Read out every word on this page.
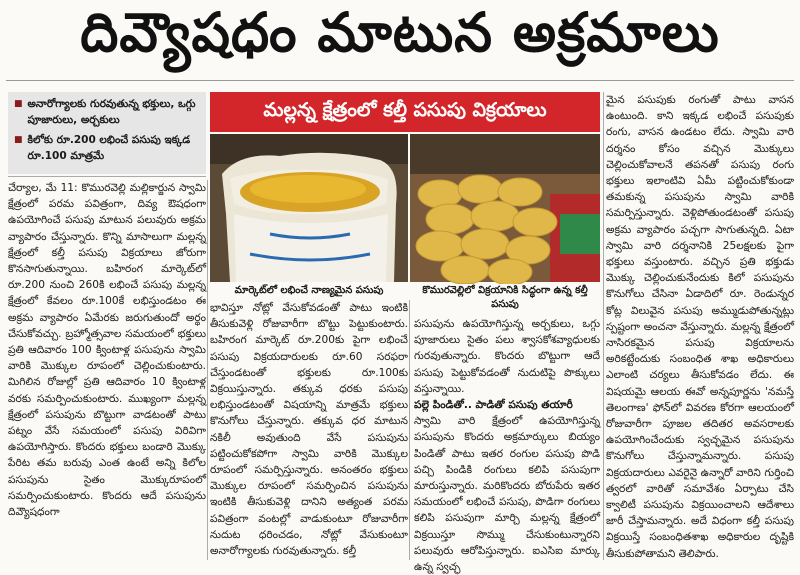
దివ్యౌషధం మాటున అక్రమాలు
■ అనారోగ్యాలకు గురవుతున్న భక్తులు, ఒగ్గు పూజారులు, అర్చకులు
■ కిలోకు రూ.200 లభించే పసుపు ఇక్కడ రూ.100 మాత్రమే
మల్లన్న క్షేత్రంలో కల్తీ పసుపు విక్రయాలు
మార్కెట్‌లో లభించే నాణ్యమైన పసుపు	కొమురవెల్లిలో విక్రయానికి సిద్ధంగా ఉన్న కల్తీ పసుపు

చేర్యాల, మే 11: కొమురవెల్లి మల్లికార్జున స్వామి క్షేత్రంలో పరమ పవిత్రంగా, దివ్య ఔషధంగా ఉపయోగించే పసుపు మాటున పలువురు అక్రమ వ్యాపారం చేస్తున్నారు. కొన్ని మాసాలుగా మల్లన్న క్షేత్రంలో కల్తీ పసుపు విక్రయాలు జోరుగా కొనసాగుతున్నాయి. బహిరంగ మార్కెట్‌లో రూ.200 నుంచి 260కి లభించే పసుపు మల్లన్న క్షేత్రంలో కేవలం రూ.100కే లభిస్తుండటం ఈ అక్రమ వ్యాపారం ఏమేరకు జరుగుతుందో అర్థం చేసుకోవచ్చు. బ్రహ్మోత్సవాల సమయంలో భక్తులు ప్రతి ఆదివారం 100 క్వింటాళ్ల పసుపును స్వామి వారికి మొక్కుల రూపంలో చెల్లించుకుంటారు. మిగిలిన రోజుల్లో ప్రతి ఆదివారం 10 క్వింటాళ్ల వరకు సమర్పించుకుంటారు. ముఖ్యంగా మల్లన్న క్షేత్రంలో పసుపును బొట్టుగా వాడటంతో పాటు పట్నం వేసే సమయంలో పసుపు విరివిగా ఉపయోగిస్తారు. కొందరు భక్తులు బండారి మొక్కు పేరిట తమ బరువు ఎంత ఉంటే అన్ని కిలోల పసుపును సైతం మొక్కురూపంలో సమర్పించుకుంటారు. కొందరు ఆదే పసుపును దివ్యౌషధంగా

భావిస్తూ నోట్లో వేసుకోవడంతో పాటు ఇంటికి తీసుకువెళ్లి రోజువారీగా బొట్టు పెట్టుకుంటారు. బహిరంగ మార్కెట్ రూ.200కు పైగా లభించే పసుపు విక్రయదారులకు రూ.60 సరఫరా చేస్తుండటంతో భక్తులకు రూ.100కు విక్రయిస్తున్నారు. తక్కువ ధరకు పసుపు లభిస్తుండటంతో విషయాన్ని మాత్రమే భక్తులు కొనుగోలు చేస్తున్నారు. తక్కువ ధర మాటున నకిలీ అవుతుంది వేసే పసుపును పట్టించుకోకపోగా స్వామి వారికి మొక్కుల రూపంలో సమర్పిస్తున్నారు. అనంతరం భక్తులు మొక్కుల రూపంలో సమర్పించిన పసుపును ఇంటికి తీసుకువెళ్లి దానిని అత్యంత పరమ పవిత్రంగా వంటల్లో వాడుకుంటూ రోజువారీగా నుదుట ధరించడం, నోట్లో వేసుకుంటూ అనారోగ్యాలకు గురవుతున్నారు. కల్తీ

పసుపును ఉపయోగిస్తున్న అర్చకులు, ఒగ్గు పూజారులు సైతం పలు శ్వాసకోశవ్యాధులకు గురవుతున్నారు. కొందరు బొట్టుగా ఆదే పసుపు పెట్టుకోవడంతో నుదుటిపై పొక్కులు వస్తున్నాయి.

పల్లె పిండితో.. పాడితో పసుపు తయారీ

స్వామి వారి క్షేత్రంలో ఉపయోగిస్తున్న పసుపును కొందరు అక్రమార్కులు బియ్యం పిండితో పాటు ఇతర రంగుల పసుపు పొడి పచ్చి పిండికి రంగులు కలిపి పసుపుగా మారుస్తున్నారు. మరికొందరు బోరుపేరు ఇతర సమయంలో లభించే పసుపు, పొడిగా రంగులు కలిపి పసుపుగా మార్చి మల్లన్న క్షేత్రంలో విక్రయిస్తూ సొమ్ము చేసుకుంటున్నారని పలువురు ఆరోపిస్తున్నారు. ఐఎసిఐ మార్కు ఉన్న స్వచ్ఛ

మైన పసుపుకు రంగుతో పాటు వాసన ఉంటుంది. కాని ఇక్కడ లభించే పసుపుకు రంగు, వాసన ఉండటం లేదు. స్వామి వారి దర్శనం కోసం వచ్చిన మొక్కులు చెల్లించుకోవాలనే తపనతో పసుపు రంగు భక్తులు ఇలాంటివి ఏమీ పట్టించుకోకుండా తమకున్న పసుపును స్వామి వారికి సమర్పిస్తున్నారు. వెళ్లిపోతుండటంతో పసుపు అక్రమ వ్యాపారం పచ్చగా సాగుతున్నది. ఏటా స్వామి వారి దర్శనానికి 25లక్షలకు పైగా భక్తులు వస్తుంటారు. వచ్చిన ప్రతి భక్తుడు మొక్కు చెల్లించుకునేందుకు కిలో పసుపును కొనుగోలు చేసినా ఏడాదిలో రూ. రెండున్నర కోట్ల విలువైన పసుపు అమ్ముడుపోతున్నట్లు స్పష్టంగా అంచనా వేస్తున్నారు. మల్లన్న క్షేత్రంలో నాసిరకమైన పసుపు విక్రయాలను అరికట్టేందుకు సంబంధిత శాఖ అధికారులు ఎలాంటి చర్యలు తీసుకోవడం లేదు. ఈ విషయమై ఆలయ ఈవో అన్నపూర్ణను 'నమస్తే తెలంగాణ' ఫోన్‌లో వివరణ కోరగా ఆలయంలో రోజువారీగా పూజల తదితర అవసరాలకు ఉపయోగించేందుకు స్వచ్ఛమైన పసుపును కొనుగోలు చేస్తున్నామన్నారు. పసుపు విక్రయదారులు ఎవరైనై ఉన్నారో వారిని గుర్తించి త్వరలో వారితో సమావేశం ఏర్పాటు చేసి క్వాలిటీ పసుపును విక్రయించాలని ఆదేశాలు జారీ చేస్తామన్నారు. అదే విధంగా కల్తీ పసుపు విక్రయిస్తే సంబంధితశాఖ అధికారుల దృష్టికి తీసుకుపోతామని తెలిపారు.
